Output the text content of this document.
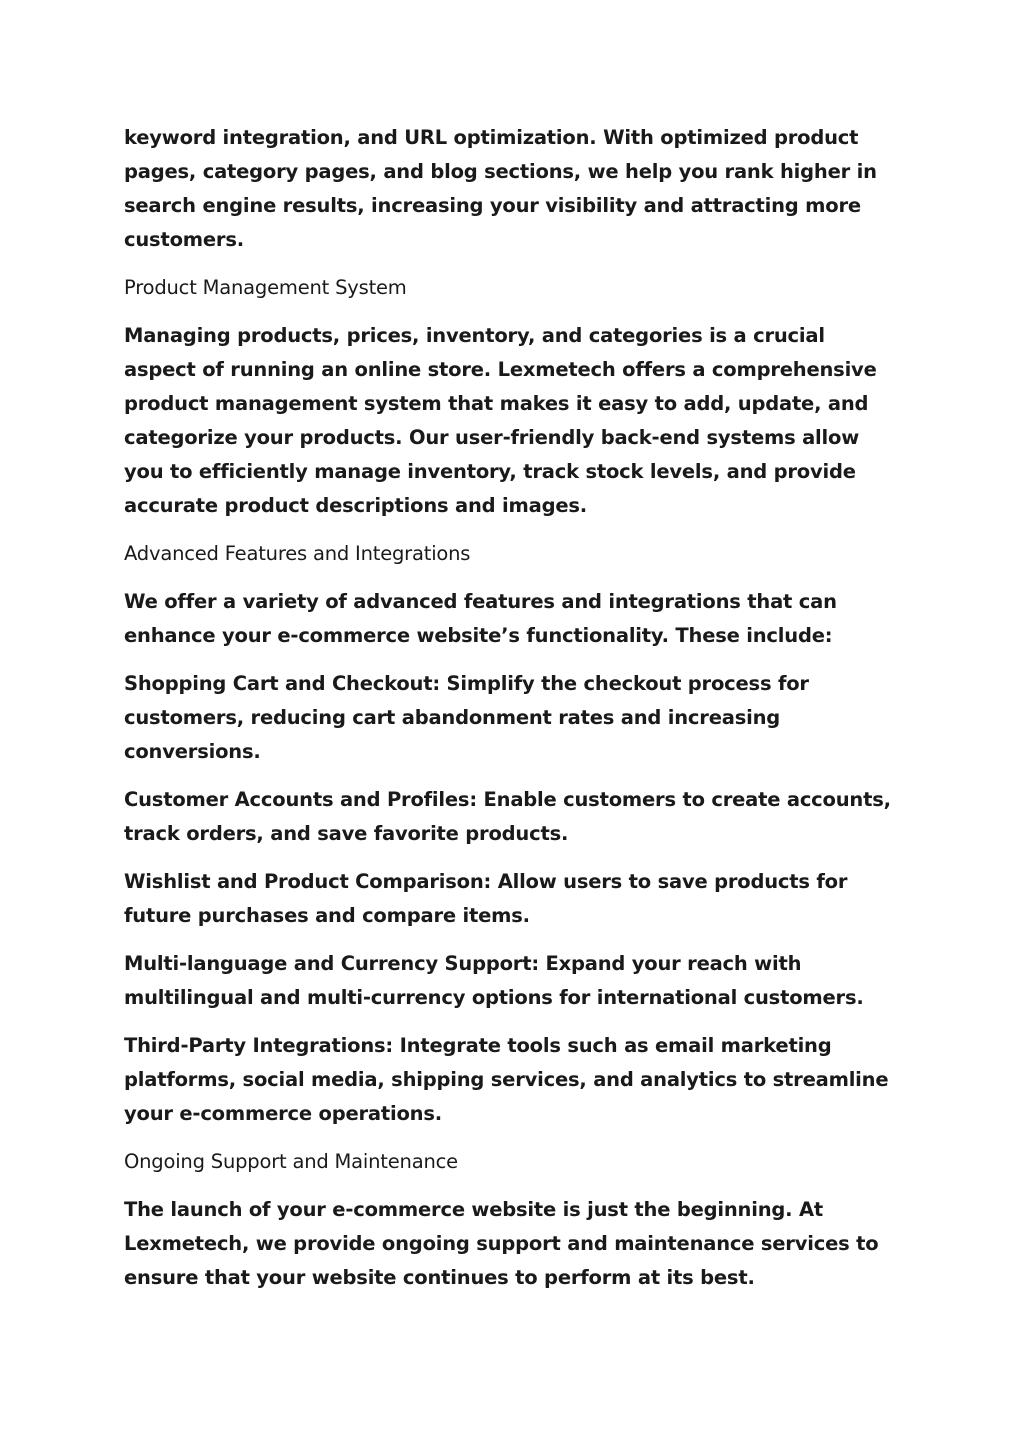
keyword integration, and URL optimization. With optimized product pages, category pages, and blog sections, we help you rank higher in search engine results, increasing your visibility and attracting more customers.

Product Management System

Managing products, prices, inventory, and categories is a crucial aspect of running an online store. Lexmetech offers a comprehensive product management system that makes it easy to add, update, and categorize your products. Our user-friendly back-end systems allow you to efficiently manage inventory, track stock levels, and provide accurate product descriptions and images.

Advanced Features and Integrations

We offer a variety of advanced features and integrations that can enhance your e-commerce website’s functionality. These include:

Shopping Cart and Checkout: Simplify the checkout process for customers, reducing cart abandonment rates and increasing conversions.

Customer Accounts and Profiles: Enable customers to create accounts, track orders, and save favorite products.

Wishlist and Product Comparison: Allow users to save products for future purchases and compare items.

Multi-language and Currency Support: Expand your reach with multilingual and multi-currency options for international customers.

Third-Party Integrations: Integrate tools such as email marketing platforms, social media, shipping services, and analytics to streamline your e-commerce operations.

Ongoing Support and Maintenance

The launch of your e-commerce website is just the beginning. At Lexmetech, we provide ongoing support and maintenance services to ensure that your website continues to perform at its best.
